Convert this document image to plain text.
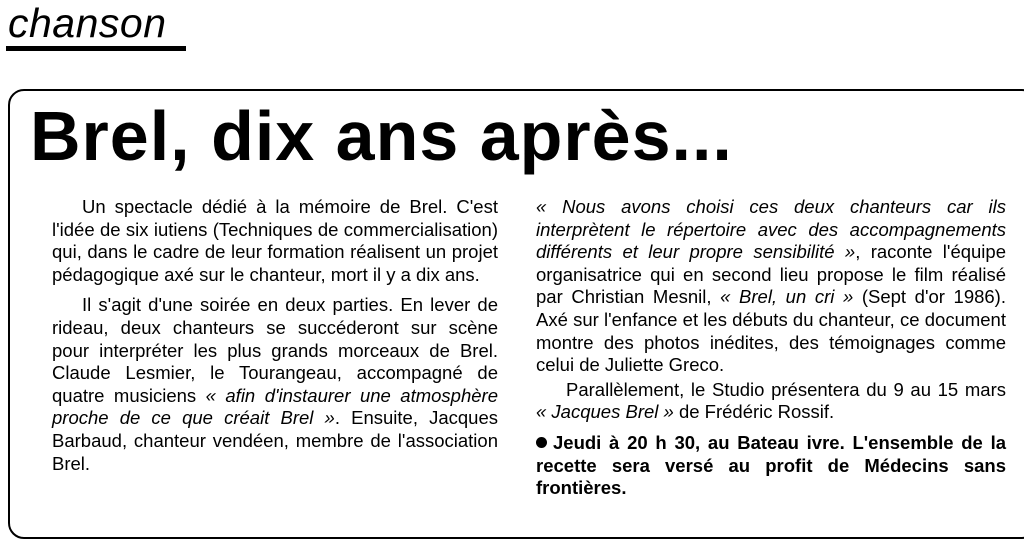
chanson
Brel, dix ans après...

Un spectacle dédié à la mémoire de Brel. C'est l'idée de six iutiens (Techniques de commercialisation) qui, dans le cadre de leur formation réalisent un projet pédagogique axé sur le chanteur, mort il y a dix ans.

Il s'agit d'une soirée en deux parties. En lever de rideau, deux chanteurs se succéderont sur scène pour interpréter les plus grands morceaux de Brel. Claude Lesmier, le Tourangeau, accompagné de quatre musiciens « afin d'instaurer une atmosphère proche de ce que créait Brel ». Ensuite, Jacques Barbaud, chanteur vendéen, membre de l'association Brel.

« Nous avons choisi ces deux chanteurs car ils interprètent le répertoire avec des accompagnements différents et leur propre sensibilité », raconte l'équipe organisatrice qui en second lieu propose le film réalisé par Christian Mesnil, « Brel, un cri » (Sept d'or 1986). Axé sur l'enfance et les débuts du chanteur, ce document montre des photos inédites, des témoignages comme celui de Juliette Greco.

Parallèlement, le Studio présentera du 9 au 15 mars « Jacques Brel » de Frédéric Rossif.

Jeudi à 20 h 30, au Bateau ivre. L'ensemble de la recette sera versé au profit de Médecins sans frontières.
